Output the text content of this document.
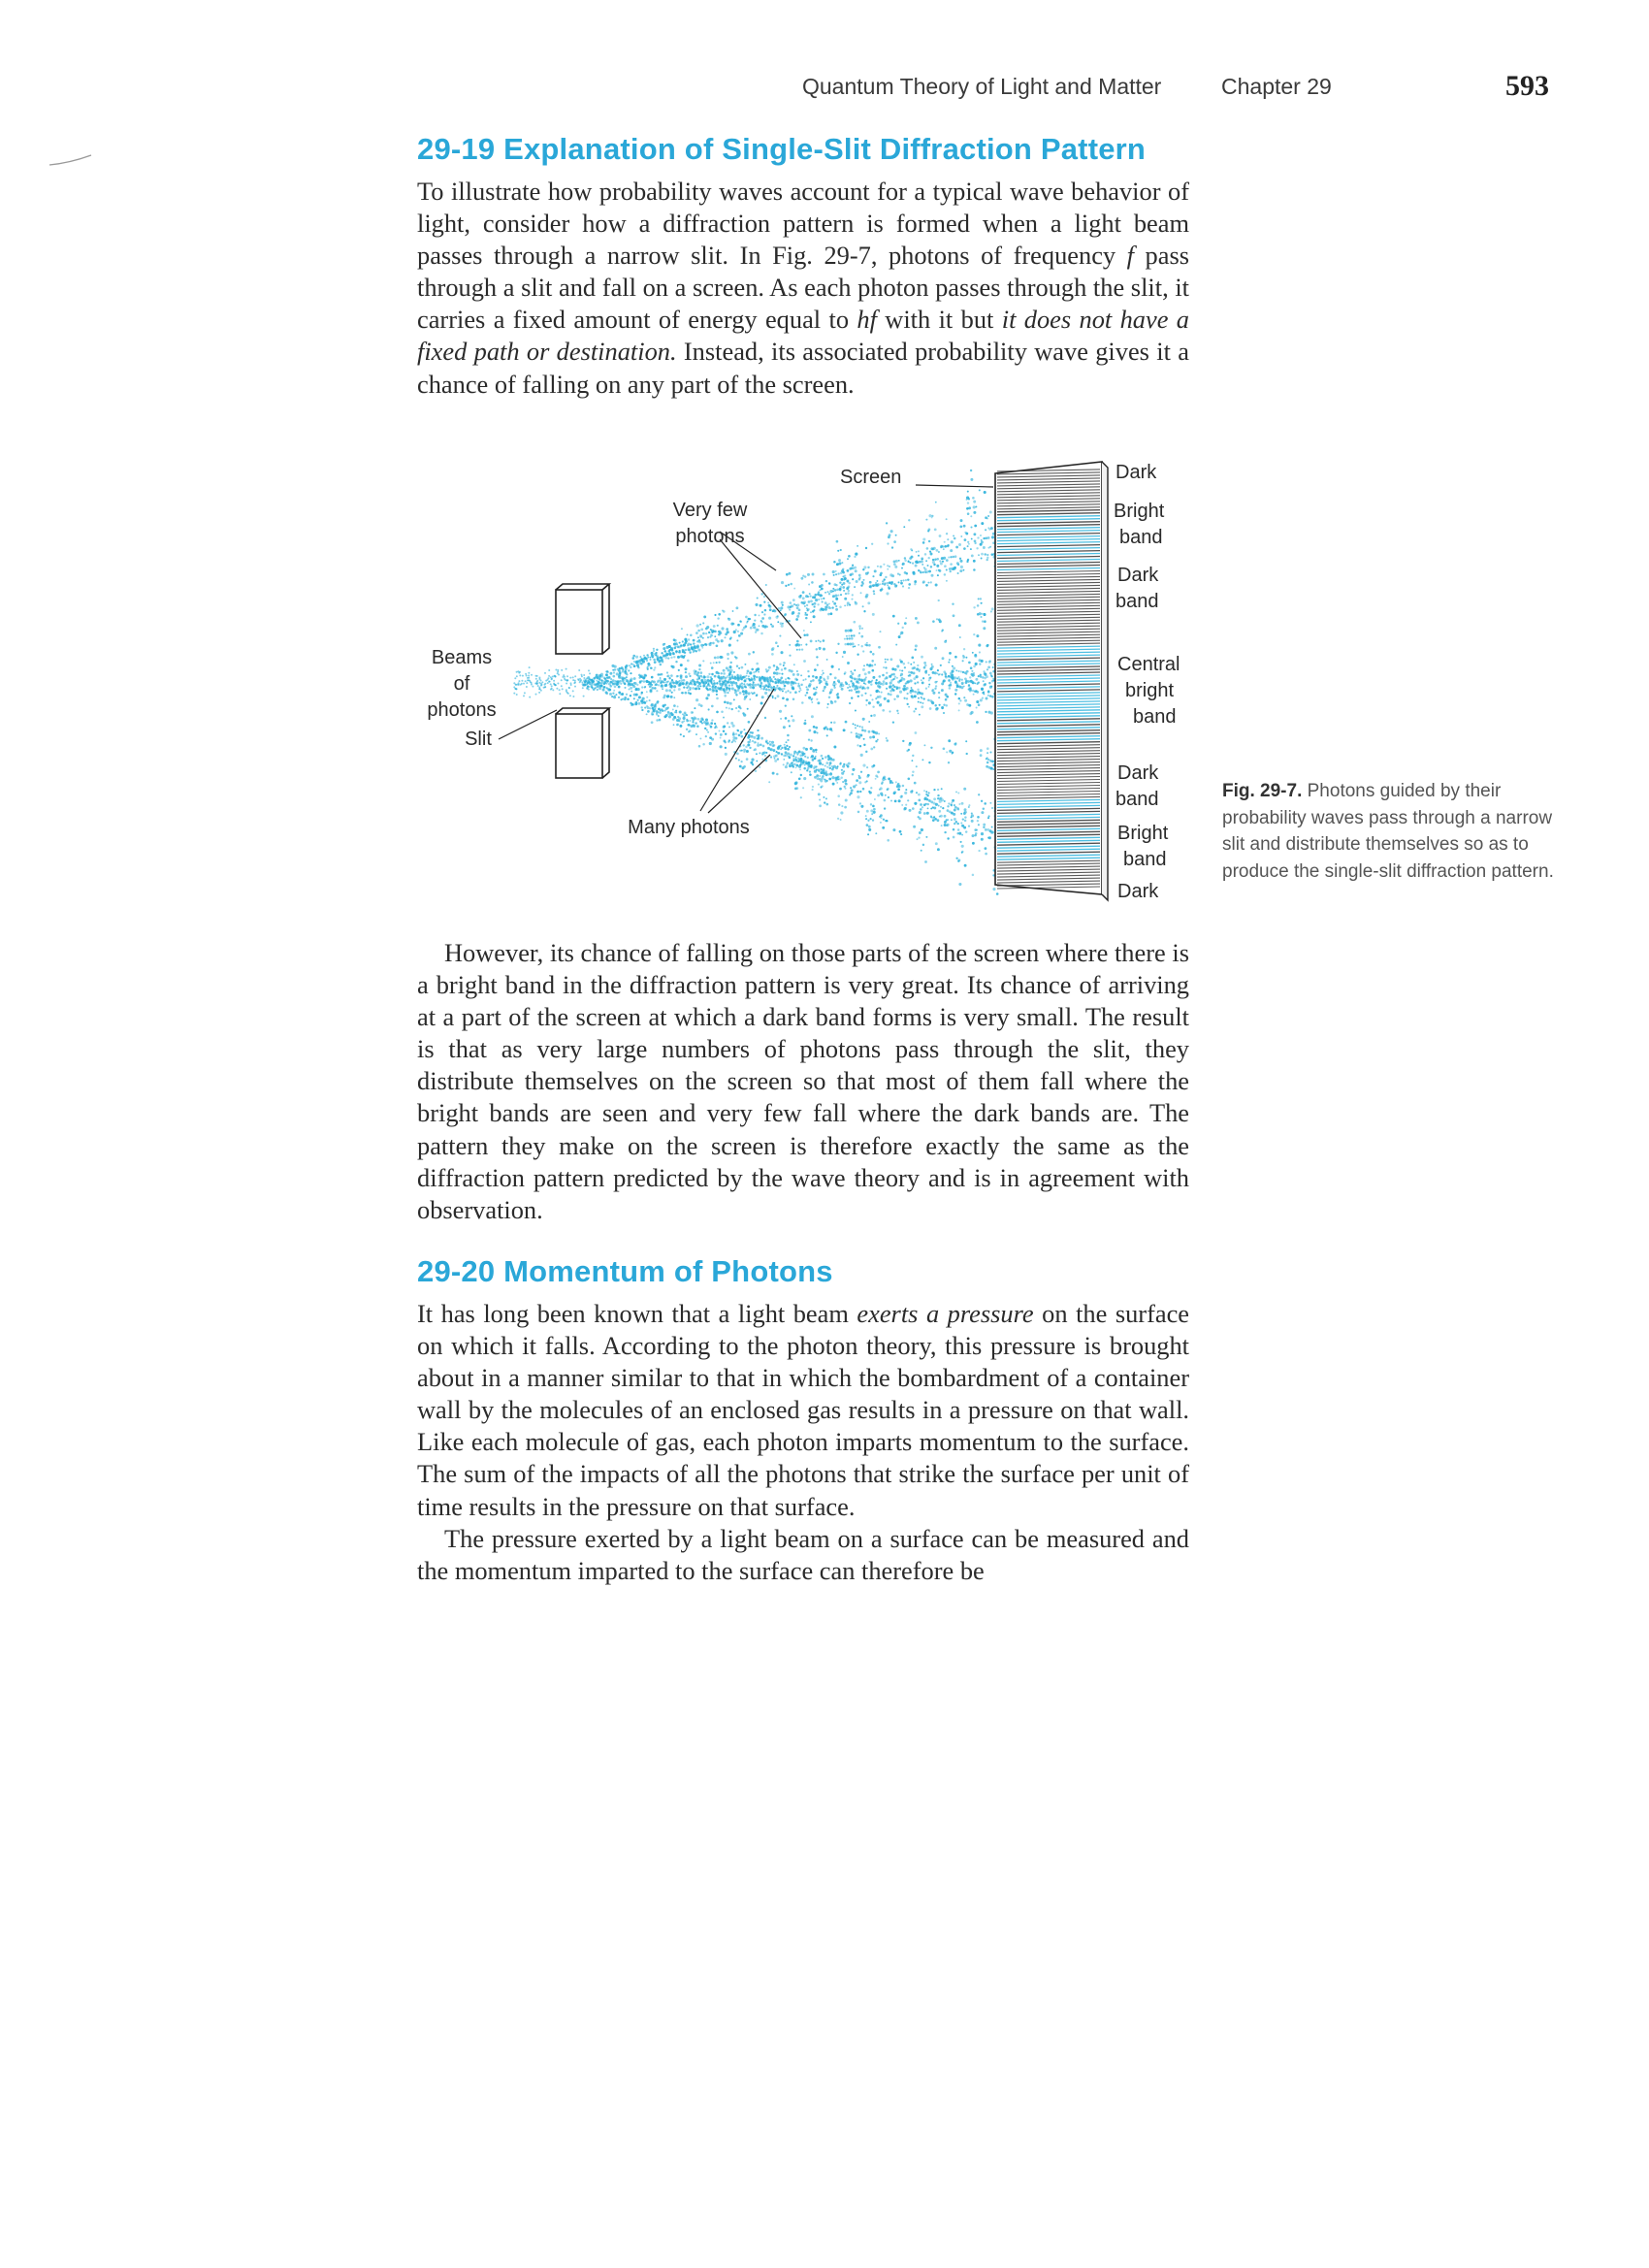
Quantum Theory of Light and Matter	Chapter 29	593
29-19 Explanation of Single-Slit Diffraction Pattern

To illustrate how probability waves account for a typical wave behavior of light, consider how a diffraction pattern is formed when a light beam passes through a narrow slit. In Fig. 29-7, photons of frequency f pass through a slit and fall on a screen. As each photon passes through the slit, it carries a fixed amount of energy equal to hf with it but it does not have a fixed path or destination. Instead, its associated probability wave gives it a chance of falling on any part of the screen.

Screen
Very few
photons
Beams
of
photons
Slit
Many photons
Dark
Bright
band
Dark
band
Central
bright
band
Dark
band
Bright
band
Dark
Fig. 29-7. Photons guided by their probability waves pass through a narrow slit and distribute themselves so as to produce the single-slit diffraction pattern.

However, its chance of falling on those parts of the screen where there is a bright band in the diffraction pattern is very great. Its chance of arriving at a part of the screen at which a dark band forms is very small. The result is that as very large numbers of photons pass through the slit, they distribute themselves on the screen so that most of them fall where the bright bands are seen and very few fall where the dark bands are. The pattern they make on the screen is therefore exactly the same as the diffraction pattern predicted by the wave theory and is in agreement with observation.

29-20 Momentum of Photons

It has long been known that a light beam exerts a pressure on the surface on which it falls. According to the photon theory, this pressure is brought about in a manner similar to that in which the bombardment of a container wall by the molecules of an enclosed gas results in a pressure on that wall. Like each molecule of gas, each photon imparts momentum to the surface. The sum of the impacts of all the photons that strike the surface per unit of time results in the pressure on that surface.

The pressure exerted by a light beam on a surface can be measured and the momentum imparted to the surface can therefore be
